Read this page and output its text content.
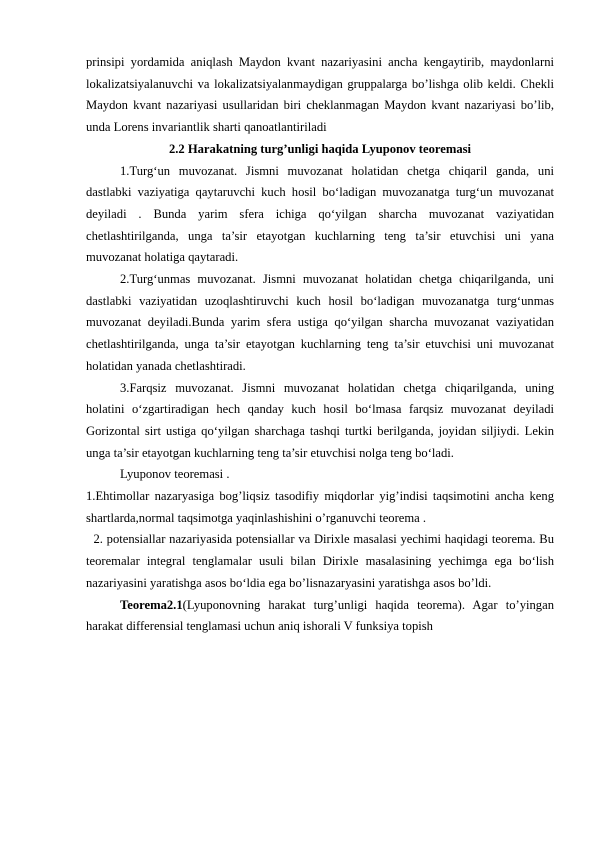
prinsipi yordamida aniqlash Maydon kvant nazariyasini ancha kengaytirib, maydonlarni lokalizatsiyalanuvchi va lokalizatsiyalanmaydigan gruppalarga bo’lishga olib keldi. Chekli Maydon kvant nazariyasi usullaridan biri cheklanmagan Maydon kvant nazariyasi bo’lib, unda Lorens invariantlik sharti qanoatlantiriladi

2.2 Harakatning turg’unligi haqida Lyuponov teoremasi

1.Turg‘un muvozanat. Jismni muvozanat holatidan chetga chiqaril ganda, uni dastlabki vaziyatiga qaytaruvchi kuch hosil bo‘ladigan muvozanatga turg‘un muvozanat deyiladi . Bunda yarim sfera ichiga qo‘yilgan sharcha muvozanat vaziyatidan chetlashtirilganda, unga ta’sir etayotgan kuchlarning teng ta’sir etuvchisi uni yana muvozanat holatiga qaytaradi.

2.Turg‘unmas muvozanat. Jismni muvozanat holatidan chetga chiqarilganda, uni dastlabki vaziyatidan uzoqlashtiruvchi kuch hosil bo‘ladigan muvozanatga turg‘unmas muvozanat deyiladi.Bunda yarim sfera ustiga qo‘yilgan sharcha muvozanat vaziyatidan chetlashtirilganda, unga ta’sir etayotgan kuchlarning teng ta’sir etuvchisi uni muvozanat holatidan yanada chetlashtiradi.

3.Farqsiz muvozanat. Jismni muvozanat holatidan chetga chiqarilganda, uning holatini o‘zgartiradigan hech qanday kuch hosil bo‘lmasa farqsiz muvozanat deyiladi Gorizontal sirt ustiga qo‘yilgan sharchaga tashqi turtki berilganda, joyidan siljiydi. Lekin unga ta’sir etayotgan kuchlarning teng ta’sir etuvchisi nolga teng bo‘ladi.

Lyuponov teoremasi .

1.Ehtimollar nazaryasiga bog’liqsiz tasodifiy miqdorlar yig’indisi taqsimotini ancha keng shartlarda,normal taqsimotga yaqinlashishini o’rganuvchi teorema .

2. potensiallar nazariyasida potensiallar va Dirixle masalasi yechimi haqidagi teorema. Bu teoremalar integral tenglamalar usuli bilan Dirixle masalasining yechimga ega bo‘lish nazariyasini yaratishga asos bo‘ldia ega bo’lisnazaryasini yaratishga asos bo’ldi.

Teorema2.1(Lyuponovning harakat turg’unligi haqida teorema). Agar to’yingan harakat differensial tenglamasi uchun aniq ishorali V funksiya topish
